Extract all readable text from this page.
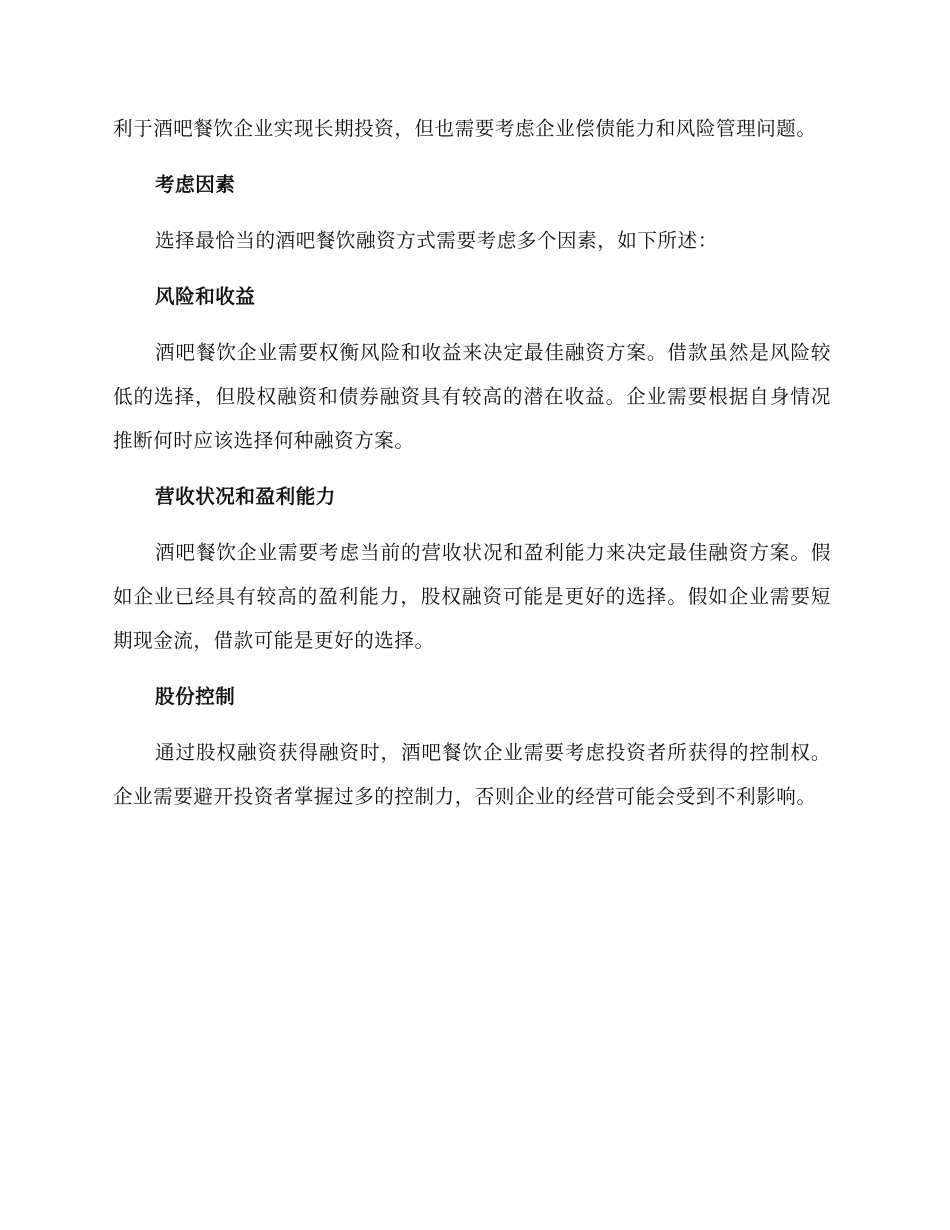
利于酒吧餐饮企业实现长期投资，但也需要考虑企业偿债能力和风险管理问题。

考虑因素

选择最恰当的酒吧餐饮融资方式需要考虑多个因素，如下所述：

风险和收益

酒吧餐饮企业需要权衡风险和收益来决定最佳融资方案。借款虽然是风险较低的选择，但股权融资和债券融资具有较高的潜在收益。企业需要根据自身情况推断何时应该选择何种融资方案。

营收状况和盈利能力

酒吧餐饮企业需要考虑当前的营收状况和盈利能力来决定最佳融资方案。假如企业已经具有较高的盈利能力，股权融资可能是更好的选择。假如企业需要短期现金流，借款可能是更好的选择。

股份控制

通过股权融资获得融资时，酒吧餐饮企业需要考虑投资者所获得的控制权。企业需要避开投资者掌握过多的控制力，否则企业的经营可能会受到不利影响。
